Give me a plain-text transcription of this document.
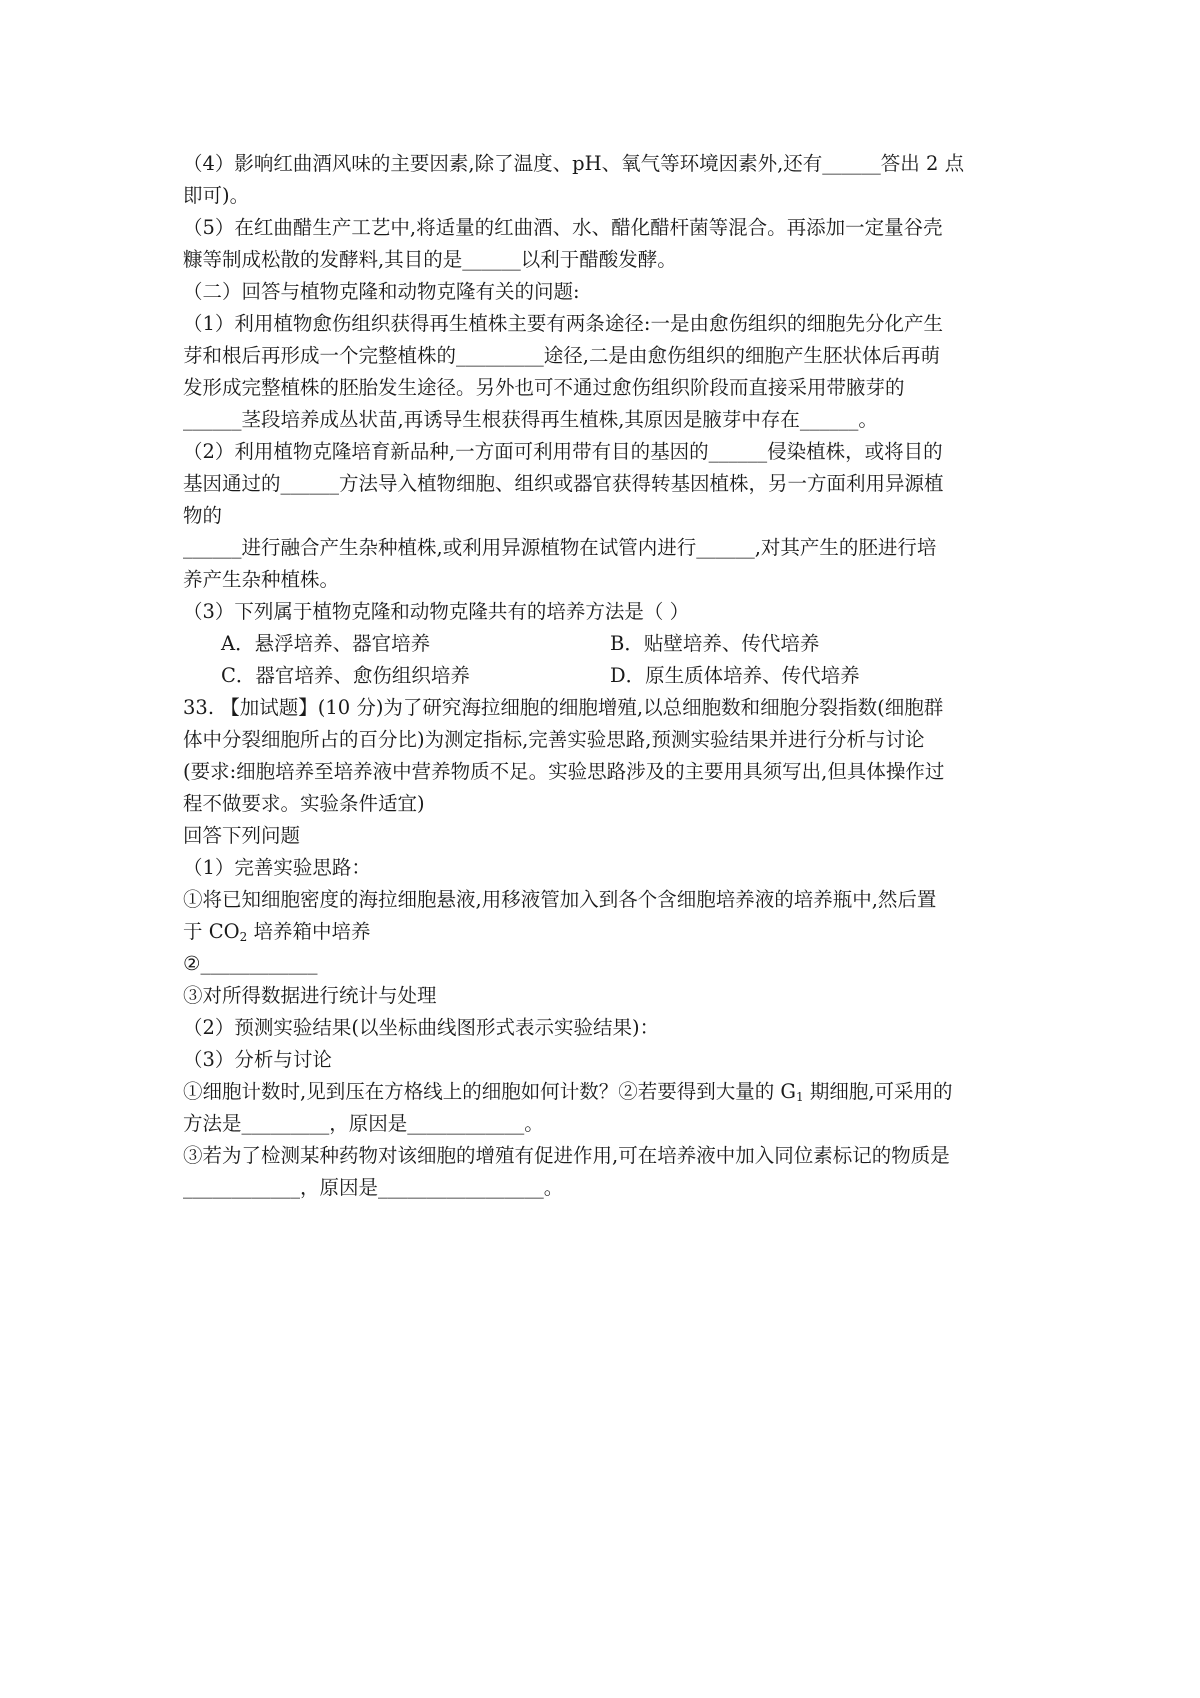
（4）影响红曲酒风味的主要因素,除了温度、pH、氧气等环境因素外,还有______答出 2 点
即可)。
（5）在红曲醋生产工艺中,将适量的红曲酒、水、醋化醋杆菌等混合。再添加一定量谷壳
糠等制成松散的发酵料,其目的是______以利于醋酸发酵。
（二）回答与植物克隆和动物克隆有关的问题:
（1）利用植物愈伤组织获得再生植株主要有两条途径:一是由愈伤组织的细胞先分化产生
芽和根后再形成一个完整植株的_________途径,二是由愈伤组织的细胞产生胚状体后再萌
发形成完整植株的胚胎发生途径。另外也可不通过愈伤组织阶段而直接采用带腋芽的
______茎段培养成丛状苗,再诱导生根获得再生植株,其原因是腋芽中存在______。
（2）利用植物克隆培育新品种,一方面可利用带有目的基因的______侵染植株，或将目的
基因通过的______方法导入植物细胞、组织或器官获得转基因植株，另一方面利用异源植
物的
______进行融合产生杂种植株,或利用异源植物在试管内进行______,对其产生的胚进行培
养产生杂种植株。
（3）下列属于植物克隆和动物克隆共有的培养方法是（ ）
A．悬浮培养、器官培养	B．贴壁培养、传代培养
C．器官培养、愈伤组织培养	D．原生质体培养、传代培养
33. 【加试题】(10 分)为了研究海拉细胞的细胞增殖,以总细胞数和细胞分裂指数(细胞群
体中分裂细胞所占的百分比)为测定指标,完善实验思路,预测实验结果并进行分析与讨论
(要求:细胞培养至培养液中营养物质不足。实验思路涉及的主要用具须写出,但具体操作过
程不做要求。实验条件适宜)
回答下列问题
（1）完善实验思路：
①将已知细胞密度的海拉细胞悬液,用移液管加入到各个含细胞培养液的培养瓶中,然后置
于 $CO_2$ 培养箱中培养
②____________
③对所得数据进行统计与处理
（2）预测实验结果(以坐标曲线图形式表示实验结果)：
（3）分析与讨论
①细胞计数时,见到压在方格线上的细胞如何计数？②若要得到大量的 $G_1$ 期细胞,可采用的
方法是_________，原因是____________。
③若为了检测某种药物对该细胞的增殖有促进作用,可在培养液中加入同位素标记的物质是
____________，原因是_________________。
